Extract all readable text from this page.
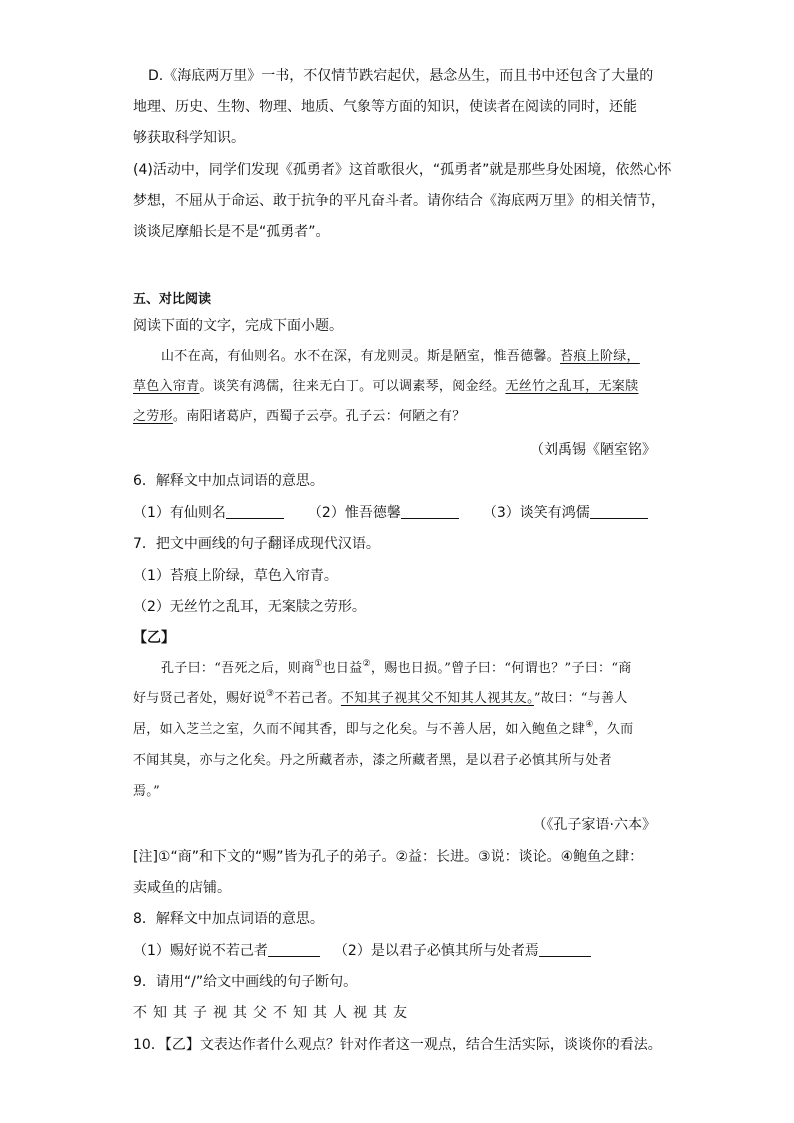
D.《海底两万里》一书，不仅情节跌宕起伏，悬念丛生，而且书中还包含了大量的
地理、历史、生物、物理、地质、气象等方面的知识，使读者在阅读的同时，还能
够获取科学知识。
(4)活动中，同学们发现《孤勇者》这首歌很火，“孤勇者”就是那些身处困境，依然心怀
梦想，不屈从于命运、敢于抗争的平凡奋斗者。请你结合《海底两万里》的相关情节，
谈谈尼摩船长是不是“孤勇者”。
五、对比阅读
阅读下面的文字，完成下面小题。
山不在高，有仙则名。水不在深，有龙则灵。斯是陋室，惟吾德馨。苔痕上阶绿，
草色入帘青。谈笑有鸿儒，往来无白丁。可以调素琴，阅金经。无丝竹之乱耳，无案牍
之劳形。南阳诸葛庐，西蜀子云亭。孔子云：何陋之有？
（刘禹锡《陋室铭》
6．解释文中加点词语的意思。
（1）有仙则名	（2）惟吾德馨	（3）谈笑有鸿儒
7．把文中画线的句子翻译成现代汉语。
（1）苔痕上阶绿，草色入帘青。
（2）无丝竹之乱耳，无案牍之劳形。
【乙】
孔子曰：“吾死之后，则商①也日益②，赐也日损。”曾子曰：“何谓也？”子曰：“商
好与贤己者处，赐好说③不若己者。不知其子视其父不知其人视其友。”故曰：“与善人
居，如入芝兰之室，久而不闻其香，即与之化矣。与不善人居，如入鲍鱼之肆④，久而
不闻其臭，亦与之化矣。丹之所藏者赤，漆之所藏者黑，是以君子必慎其所与处者
焉。”
（《孔子家语·六本》
[注]①“商”和下文的“赐”皆为孔子的弟子。②益：长进。③说：谈论。④鲍鱼之肆：
卖咸鱼的店铺。
8．解释文中加点词语的意思。
（1）赐好说不若己者	（2）是以君子必慎其所与处者焉
9．请用“/”给文中画线的句子断句。
不知其子视其父不知其人视其友
10．【乙】文表达作者什么观点？针对作者这一观点，结合生活实际，谈谈你的看法。
